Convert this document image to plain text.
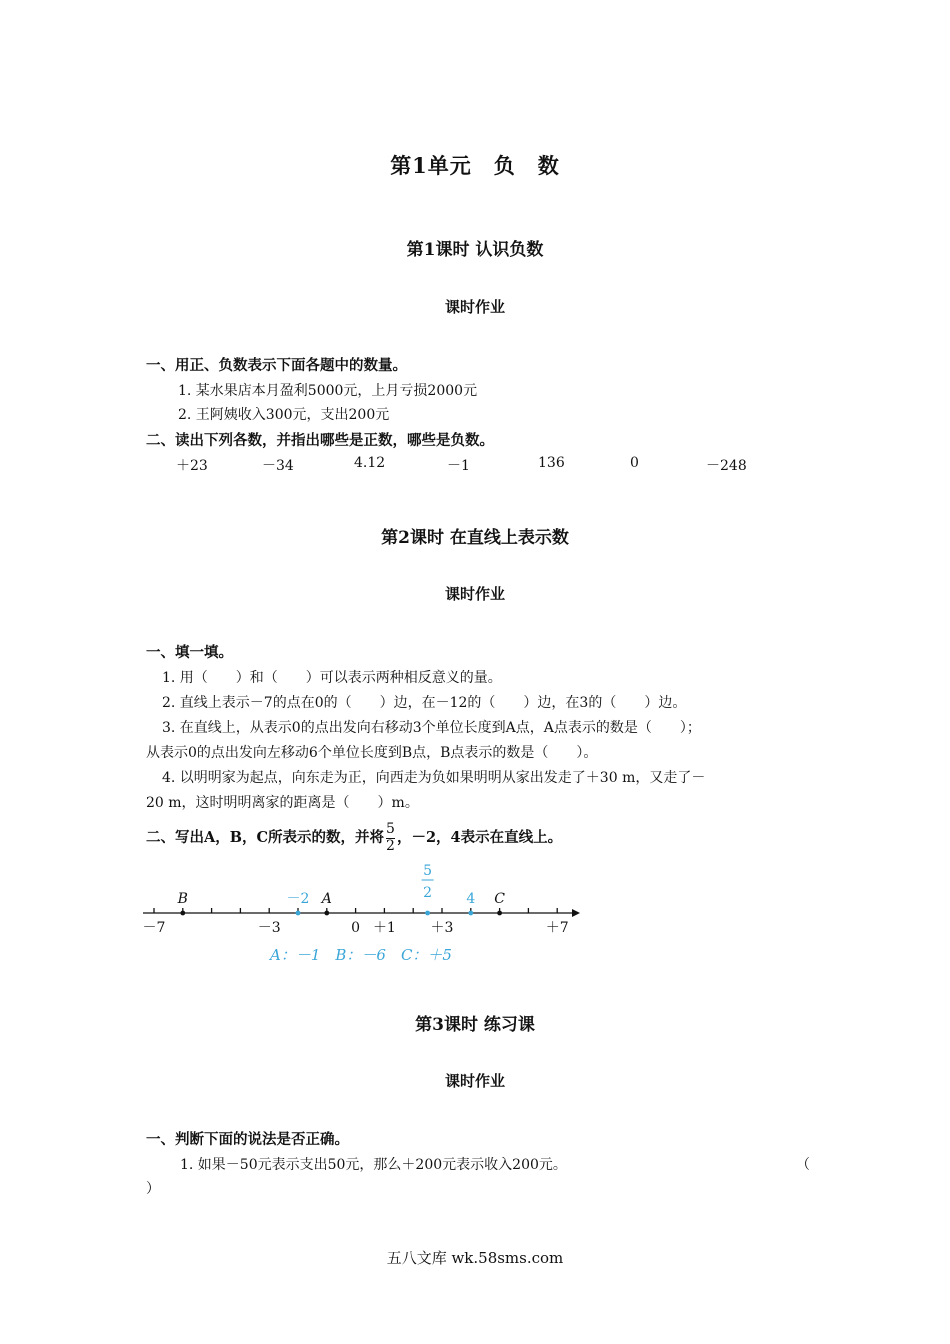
第1单元　负　数
第1课时 认识负数
课时作业
一、用正、负数表示下面各题中的数量。
1. 某水果店本月盈利5000元，上月亏损2000元
2. 王阿姨收入300元，支出200元
二、读出下列各数，并指出哪些是正数，哪些是负数。
＋23	－34	4.12	－1	136	0	－248
第2课时 在直线上表示数
课时作业
一、填一填。
1. 用（　　）和（　　）可以表示两种相反意义的量。
2. 直线上表示－7的点在0的（　　）边，在－12的（　　）边，在3的（　　）边。
3. 在直线上，从表示0的点出发向右移动3个单位长度到A点，A点表示的数是（　　）；
从表示0的点出发向左移动6个单位长度到B点，B点表示的数是（　　）。
4. 以明明家为起点，向东走为正，向西走为负如果明明从家出发走了＋30 m，又走了－
20 m，这时明明离家的距离是（　　）m。
二、写出A，B，C所表示的数，并将 $\frac{5}{2}$ ，－2，4表示在直线上。
－7	－3	0 ＋1 ＋3	＋7
B	A	C
－2	4
5
2
A：－1　B：－6　C：＋5
第3课时 练习课
课时作业
一、判断下面的说法是否正确。
1. 如果－50元表示支出50元，那么＋200元表示收入200元。	（
）
五八文库 wk.58sms.com
